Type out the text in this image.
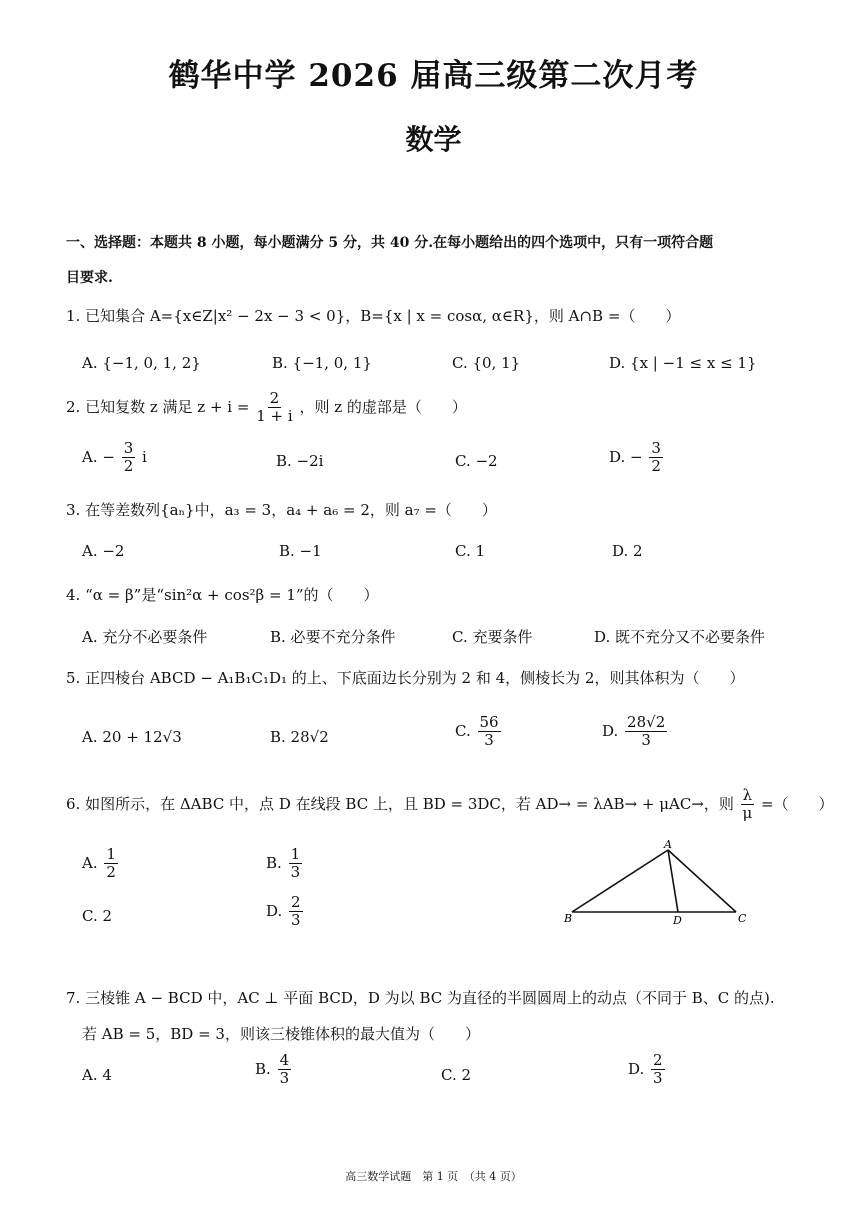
鹤华中学 2026 届高三级第二次月考
数学
一、选择题：本题共 8 小题，每小题满分 5 分，共 40 分.在每小题给出的四个选项中，只有一项符合题
目要求.
1. 已知集合 A={x∈Z|x² − 2x − 3 < 0}，B={x | x = cosα, α∈R}，则 A∩B =（　　）
A. {−1, 0, 1, 2}	B. {−1, 0, 1}	C. {0, 1}	D. {x | −1 ≤ x ≤ 1}
2. 已知复数 z 满足 $z + i = \frac{2}{1 + i}$ ，则 z 的虚部是（　　）
A. − $\frac{3}{2}$ i	B. −2i	C. −2	D. − $\frac{3}{2}$
3. 在等差数列{aₙ}中，a₃ = 3，a₄ + a₆ = 2，则 a₇ =（　　）
A. −2	B. −1	C. 1	D. 2
4. “α = β”是“sin²α + cos²β = 1”的（　　）
A. 充分不必要条件	B. 必要不充分条件	C. 充要条件	D. 既不充分又不必要条件
5. 正四棱台 ABCD − A₁B₁C₁D₁ 的上、下底面边长分别为 2 和 4，侧棱长为 2，则其体积为（　　）
A. 20 + 12√3	B. 28√2	C. $\frac{56}{3}$	D. $\frac{28√2}{3}$
6. 如图所示，在 ΔABC 中，点 D 在线段 BC 上，且 BD = 3DC，若 AD→ = λAB→ + μAC→，则 $\frac{\lambda}{\mu}$ =（　　）
A. $\frac{1}{2}$	B. $\frac{1}{3}$
C. 2	D. $\frac{2}{3}$
A
B	D	C
7. 三棱锥 A − BCD 中，AC ⊥ 平面 BCD，D 为以 BC 为直径的半圆圆周上的动点（不同于 B、C 的点).
若 AB = 5，BD = 3，则该三棱锥体积的最大值为（　　）
A. 4	B. $\frac{4}{3}$	C. 2	D. $\frac{2}{3}$
高三数学试题　第 1 页　（共 4 页）
